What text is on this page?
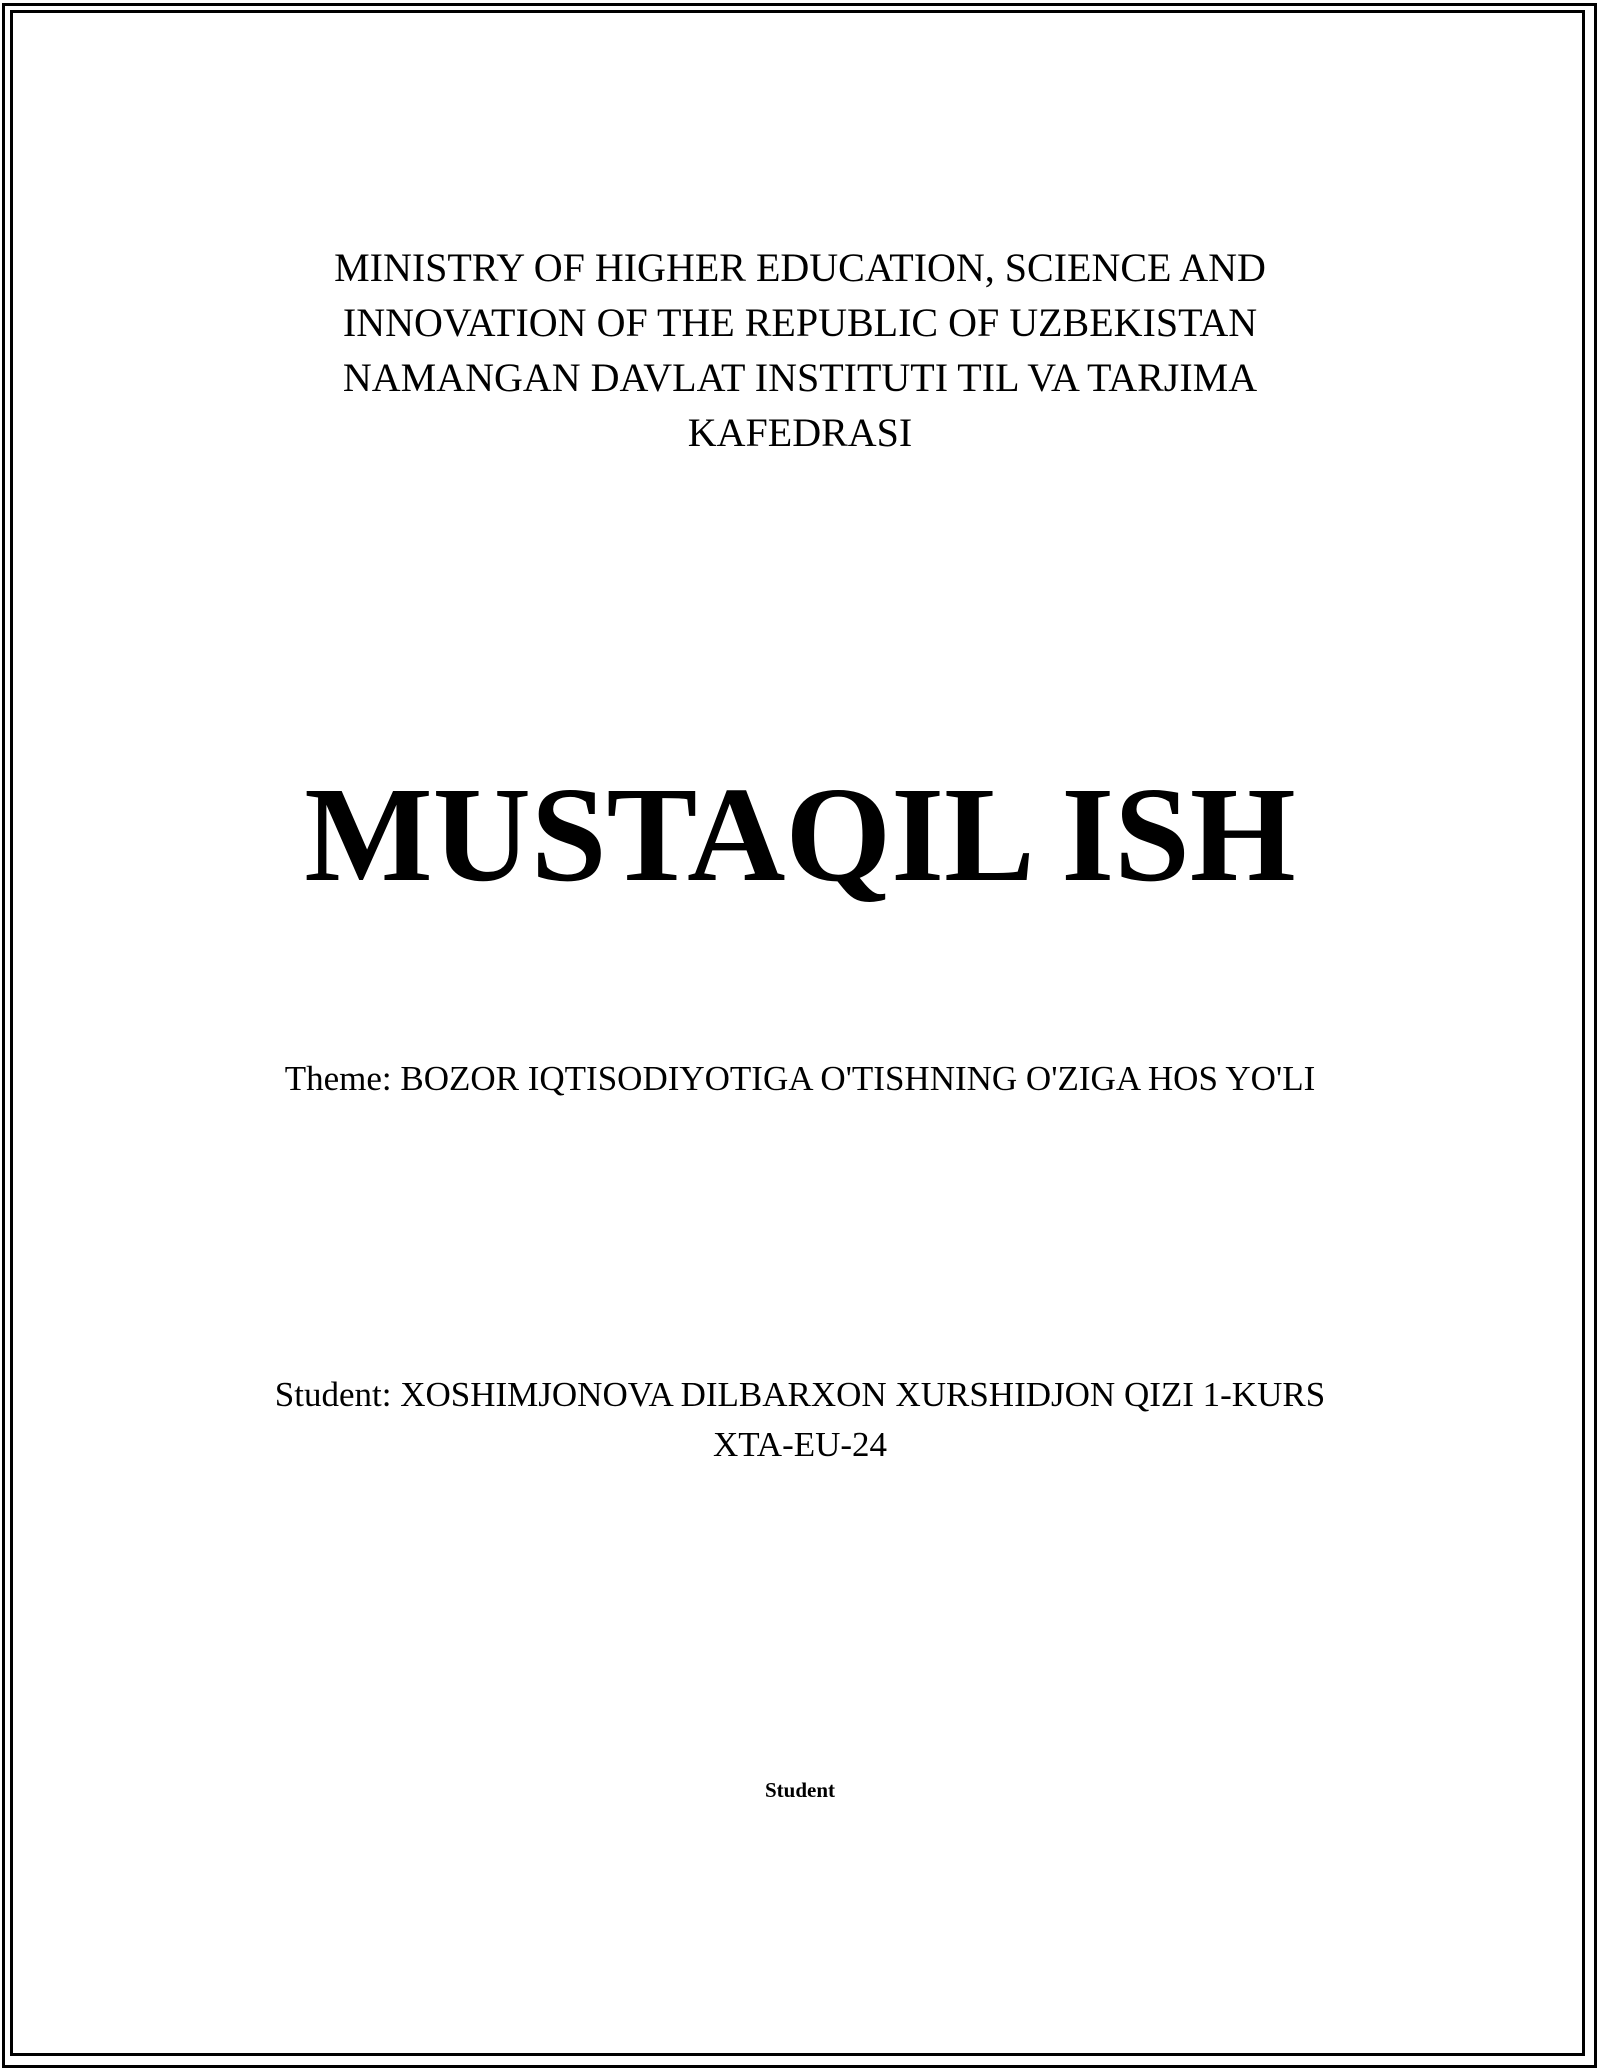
MINISTRY OF HIGHER EDUCATION, SCIENCE AND
INNOVATION OF THE REPUBLIC OF UZBEKISTAN
NAMANGAN DAVLAT INSTITUTI TIL VA TARJIMA
KAFEDRASI
MUSTAQIL ISH
Theme: BOZOR IQTISODIYOTIGA O'TISHNING O'ZIGA HOS YO'LI
Student: XOSHIMJONOVA DILBARXON XURSHIDJON QIZI 1-KURS
XTA-EU-24
Student
